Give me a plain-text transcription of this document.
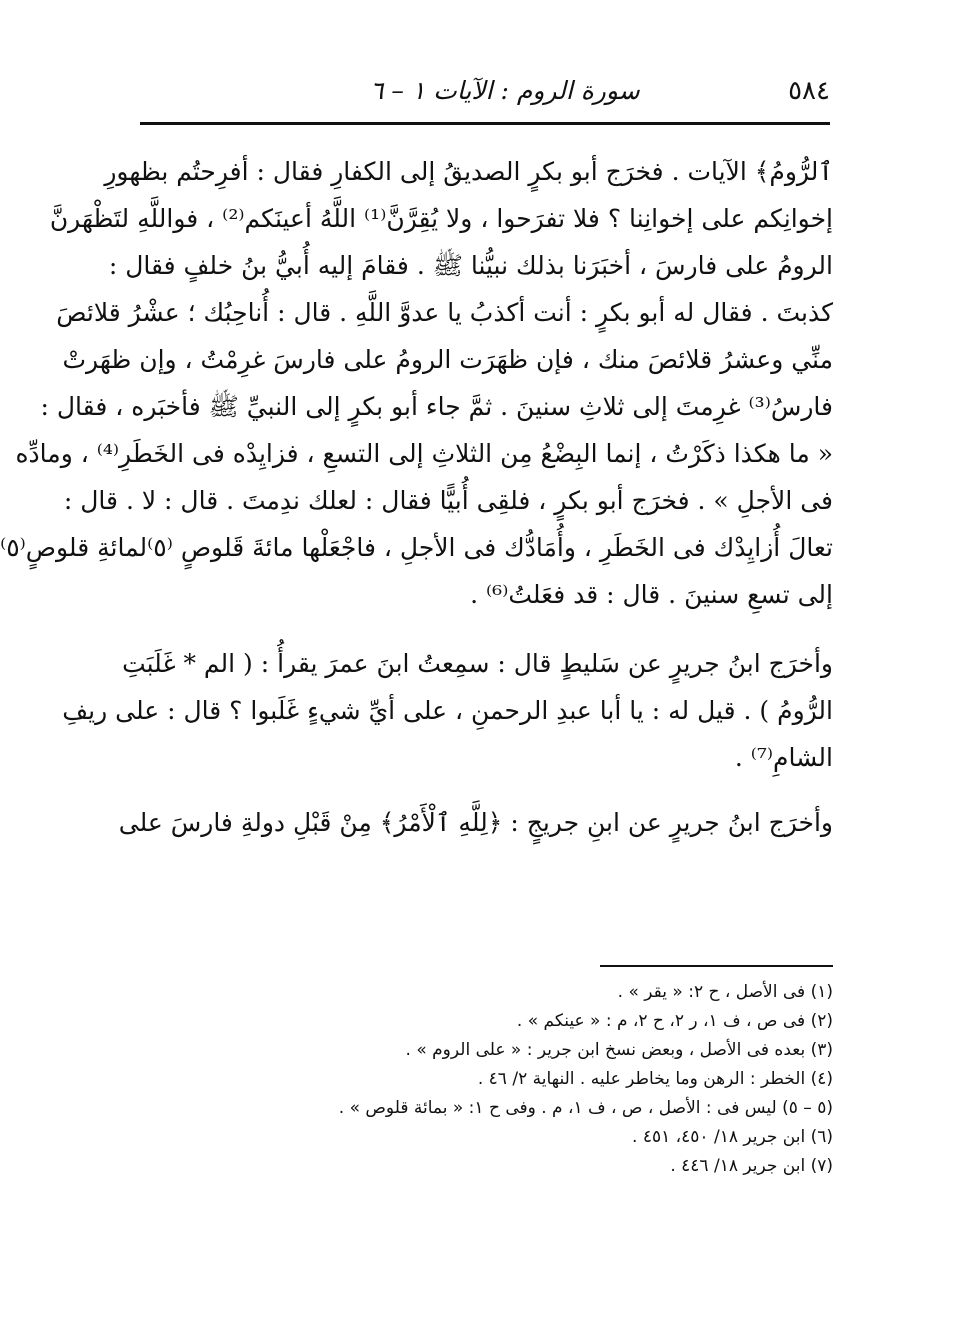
٥٨٤
سورة الروم : الآيات ١ – ٦
ٱلرُّومُ﴾ الآيات . فخرَج أبو بكرٍ الصديقُ إلى الكفارِ فقال : أفرِحتُم بظهورِ
إخوانِكم على إخوانِنا ؟ فلا تفرَحوا ، ولا يُقِرَّنَّ⁽¹⁾ اللَّهُ أعينَكم⁽²⁾ ، فواللَّهِ لتَظْهَرنَّ
الرومُ على فارسَ ، أخبَرَنا بذلك نبيُّنا ﷺ . فقامَ إليه أُبيُّ بنُ خلفٍ فقال :
كذبتَ . فقال له أبو بكرٍ : أنت أكذبُ يا عدوَّ اللَّهِ . قال : أُناحِبُك ؛ عشْرُ قلائصَ
منِّي وعشرُ قلائصَ منك ، فإن ظهَرَت الرومُ على فارسَ غرِمْتُ ، وإن ظهَرتْ
فارسُ⁽³⁾ غرِمتَ إلى ثلاثِ سنينَ . ثمَّ جاء أبو بكرٍ إلى النبيِّ ﷺ فأخبَره ، فقال :
« ما هكذا ذكَرْتُ ، إنما البِضْعُ مِن الثلاثِ إلى التسعِ ، فزايِدْه فى الخَطَرِ⁽⁴⁾ ، ومادِّه
فى الأجلِ » . فخرَج أبو بكرٍ ، فلقِى أُبيًّا فقال : لعلك ندِمتَ . قال : لا . قال :
تعالَ أُزايِدْك فى الخَطَرِ ، وأُمَادُّك فى الأجلِ ، فاجْعَلْها مائةَ قَلوصٍ ⁽٥⁾لمائةِ قلوصٍ⁽٥⁾
إلى تسعِ سنينَ . قال : قد فعَلتُ⁽⁶⁾ .
وأخرَج ابنُ جريرٍ عن سَليطٍ قال : سمِعتُ ابنَ عمرَ يقرأُ : ( الم * غَلَبَتِ
الرُّومُ ) . قيل له : يا أبا عبدِ الرحمنِ ، على أيِّ شيءٍ غَلَبوا ؟ قال : على ريفِ
الشامِ⁽⁷⁾ .
وأخرَج ابنُ جريرٍ عن ابنِ جريجٍ : ﴿لِلَّهِ ٱلْأَمْرُ﴾ مِنْ قَبْلِ دولةِ فارسَ على
(١) فى الأصل ، ح ٢: « يقر » .
(٢) فى ص ، ف ١، ر ٢، ح ٢، م : « عينكم » .
(٣) بعده فى الأصل ، وبعض نسخ ابن جرير : « على الروم » .
(٤) الخطر : الرهن وما يخاطر عليه . النهاية ٢/ ٤٦ .
(٥ – ٥) ليس فى : الأصل ، ص ، ف ١، م . وفى ح ١: « بمائة قلوص » .
(٦) ابن جرير ١٨/ ٤٥٠، ٤٥١ .
(٧) ابن جرير ١٨/ ٤٤٦ .
